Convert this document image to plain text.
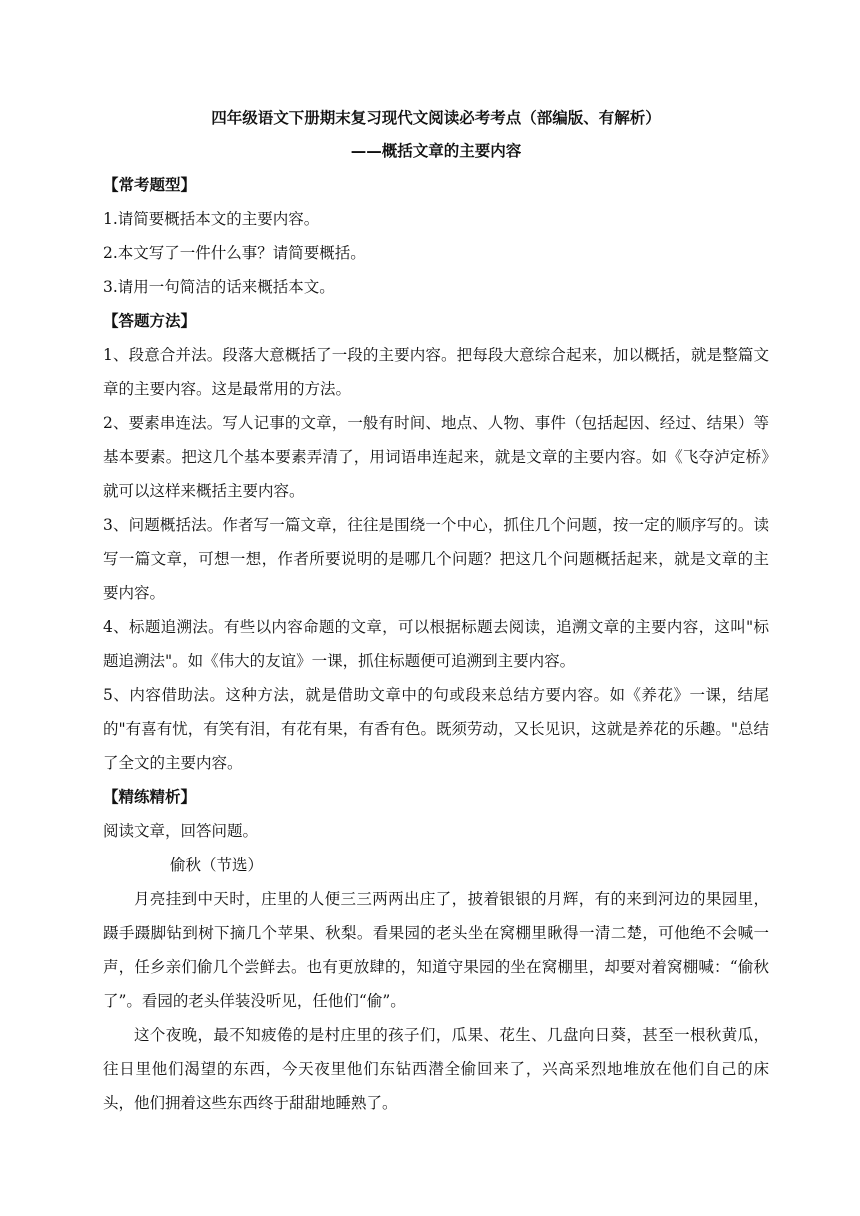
四年级语文下册期末复习现代文阅读必考考点（部编版、有解析）

——概括文章的主要内容

【常考题型】

1.请简要概括本文的主要内容。

2.本文写了一件什么事？请简要概括。

3.请用一句简洁的话来概括本文。

【答题方法】

1、段意合并法。段落大意概括了一段的主要内容。把每段大意综合起来，加以概括，就是整篇文章的主要内容。这是最常用的方法。

2、要素串连法。写人记事的文章，一般有时间、地点、人物、事件（包括起因、经过、结果）等基本要素。把这几个基本要素弄清了，用词语串连起来，就是文章的主要内容。如《飞夺泸定桥》就可以这样来概括主要内容。

3、问题概括法。作者写一篇文章，往往是围绕一个中心，抓住几个问题，按一定的顺序写的。读写一篇文章，可想一想，作者所要说明的是哪几个问题？把这几个问题概括起来，就是文章的主要内容。

4、标题追溯法。有些以内容命题的文章，可以根据标题去阅读，追溯文章的主要内容，这叫"标题追溯法"。如《伟大的友谊》一课，抓住标题便可追溯到主要内容。

5、内容借助法。这种方法，就是借助文章中的句或段来总结方要内容。如《养花》一课，结尾的"有喜有忧，有笑有泪，有花有果，有香有色。既须劳动，又长见识，这就是养花的乐趣。"总结了全文的主要内容。

【精练精析】

阅读文章，回答问题。

偷秋（节选）

月亮挂到中天时，庄里的人便三三两两出庄了，披着银银的月辉，有的来到河边的果园里，蹑手蹑脚钻到树下摘几个苹果、秋梨。看果园的老头坐在窝棚里瞅得一清二楚，可他绝不会喊一声，任乡亲们偷几个尝鲜去。也有更放肆的，知道守果园的坐在窝棚里，却要对着窝棚喊：“偷秋了”。看园的老头佯装没听见，任他们“偷”。

这个夜晚，最不知疲倦的是村庄里的孩子们，瓜果、花生、几盘向日葵，甚至一根秋黄瓜，往日里他们渴望的东西，今天夜里他们东钻西潜全偷回来了，兴高采烈地堆放在他们自己的床头，他们拥着这些东西终于甜甜地睡熟了。
